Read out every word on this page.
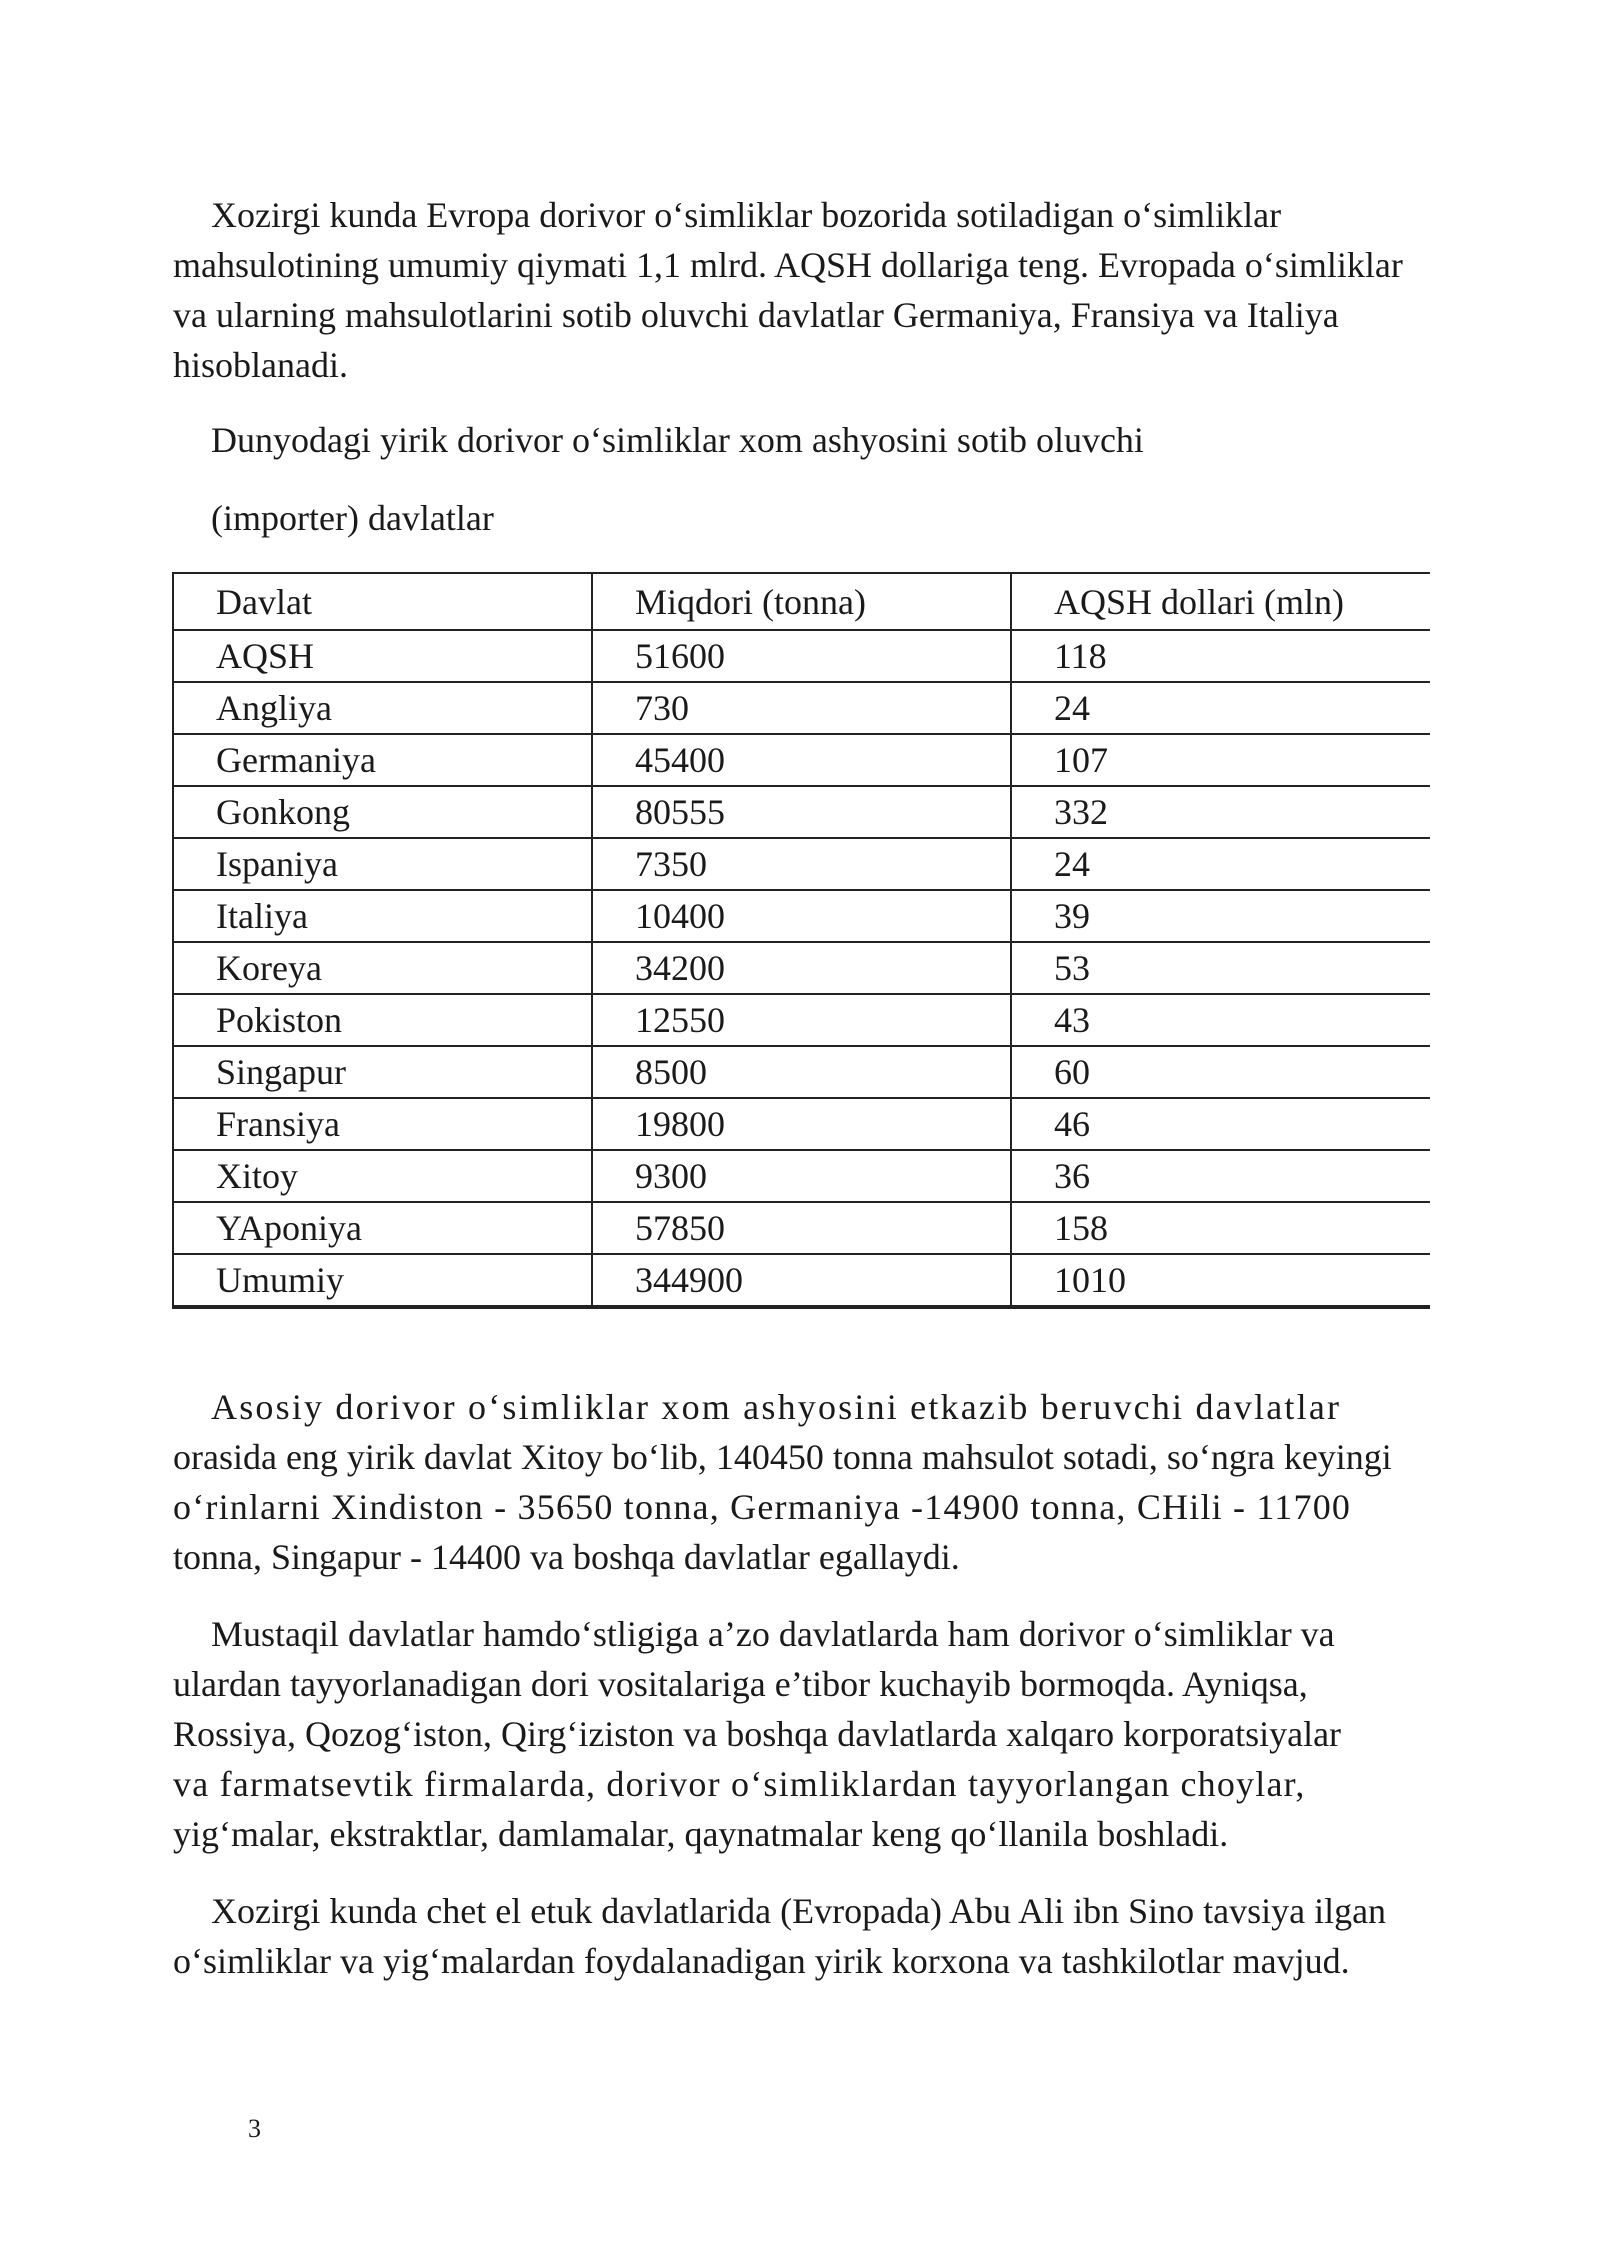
Xozirgi kunda Evropa dorivor o‘simliklar bozorida sotiladigan o‘simliklar
mahsulotining umumiy qiymati 1,1 mlrd. AQSH dollariga teng. Evropada o‘simliklar
va ularning mahsulotlarini sotib oluvchi davlatlar Germaniya, Fransiya va Italiya
hisoblanadi.

Dunyodagi yirik dorivor o‘simliklar xom ashyosini sotib oluvchi

(importer) davlatlar

Davlat	Miqdori (tonna)	AQSH dollari (mln)
AQSH	51600	118
Angliya	730	24
Germaniya	45400	107
Gonkong	80555	332
Ispaniya	7350	24
Italiya	10400	39
Koreya	34200	53
Pokiston	12550	43
Singapur	8500	60
Fransiya	19800	46
Xitoy	9300	36
YAponiya	57850	158
Umumiy	344900	1010
Asosiy dorivor o‘simliklar xom ashyosini etkazib beruvchi davlatlar
orasida eng yirik davlat Xitoy bo‘lib, 140450 tonna mahsulot sotadi, so‘ngra keyingi
o‘rinlarni Xindiston - 35650 tonna, Germaniya -14900 tonna, CHili - 11700
tonna, Singapur - 14400 va boshqa davlatlar egallaydi.
Mustaqil davlatlar hamdo‘stligiga a’zo davlatlarda ham dorivor o‘simliklar va
ulardan tayyorlanadigan dori vositalariga e’tibor kuchayib bormoqda. Ayniqsa,
Rossiya, Qozog‘iston, Qirg‘iziston va boshqa davlatlarda xalqaro korporatsiyalar
va farmatsevtik firmalarda, dorivor o‘simliklardan tayyorlangan choylar,
yig‘malar, ekstraktlar, damlamalar, qaynatmalar keng qo‘llanila boshladi.
Xozirgi kunda chet el etuk davlatlarida (Evropada) Abu Ali ibn Sino tavsiya ilgan
o‘simliklar va yig‘malardan foydalanadigan yirik korxona va tashkilotlar mavjud.
3
